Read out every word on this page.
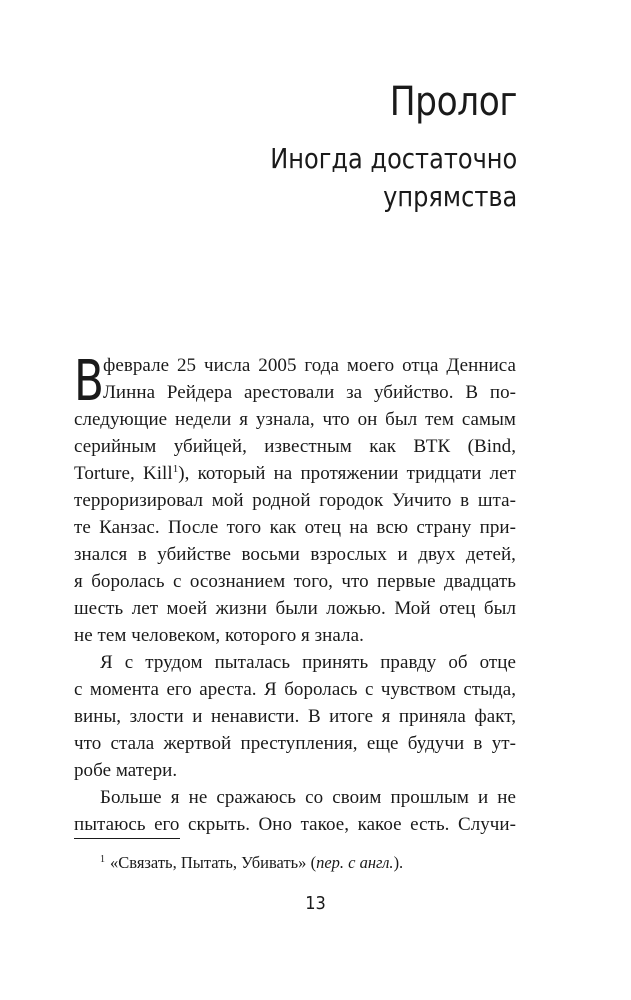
Пролог
Иногда достаточно
упрямства
В феврале 25 числа 2005 года моего отца Денниса
Линна Рейдера арестовали за убийство. В по-
следующие недели я узнала, что он был тем самым
серийным убийцей, известным как ВТК (Bind,
Torture, Kill$^1$), который на протяжении тридцати лет
терроризировал мой родной городок Уичито в шта-
те Канзас. После того как отец на всю страну при-
знался в убийстве восьми взрослых и двух детей,
я боролась с осознанием того, что первые двадцать
шесть лет моей жизни были ложью. Мой отец был
не тем человеком, которого я знала.
Я с трудом пыталась принять правду об отце
с момента его ареста. Я боролась с чувством стыда,
вины, злости и ненависти. В итоге я приняла факт,
что стала жертвой преступления, еще будучи в ут-
робе матери.
Больше я не сражаюсь со своим прошлым и не
пытаюсь его скрыть. Оно такое, какое есть. Случи-
$^1$ «Связать, Пытать, Убивать» (пер. с англ.).
13
